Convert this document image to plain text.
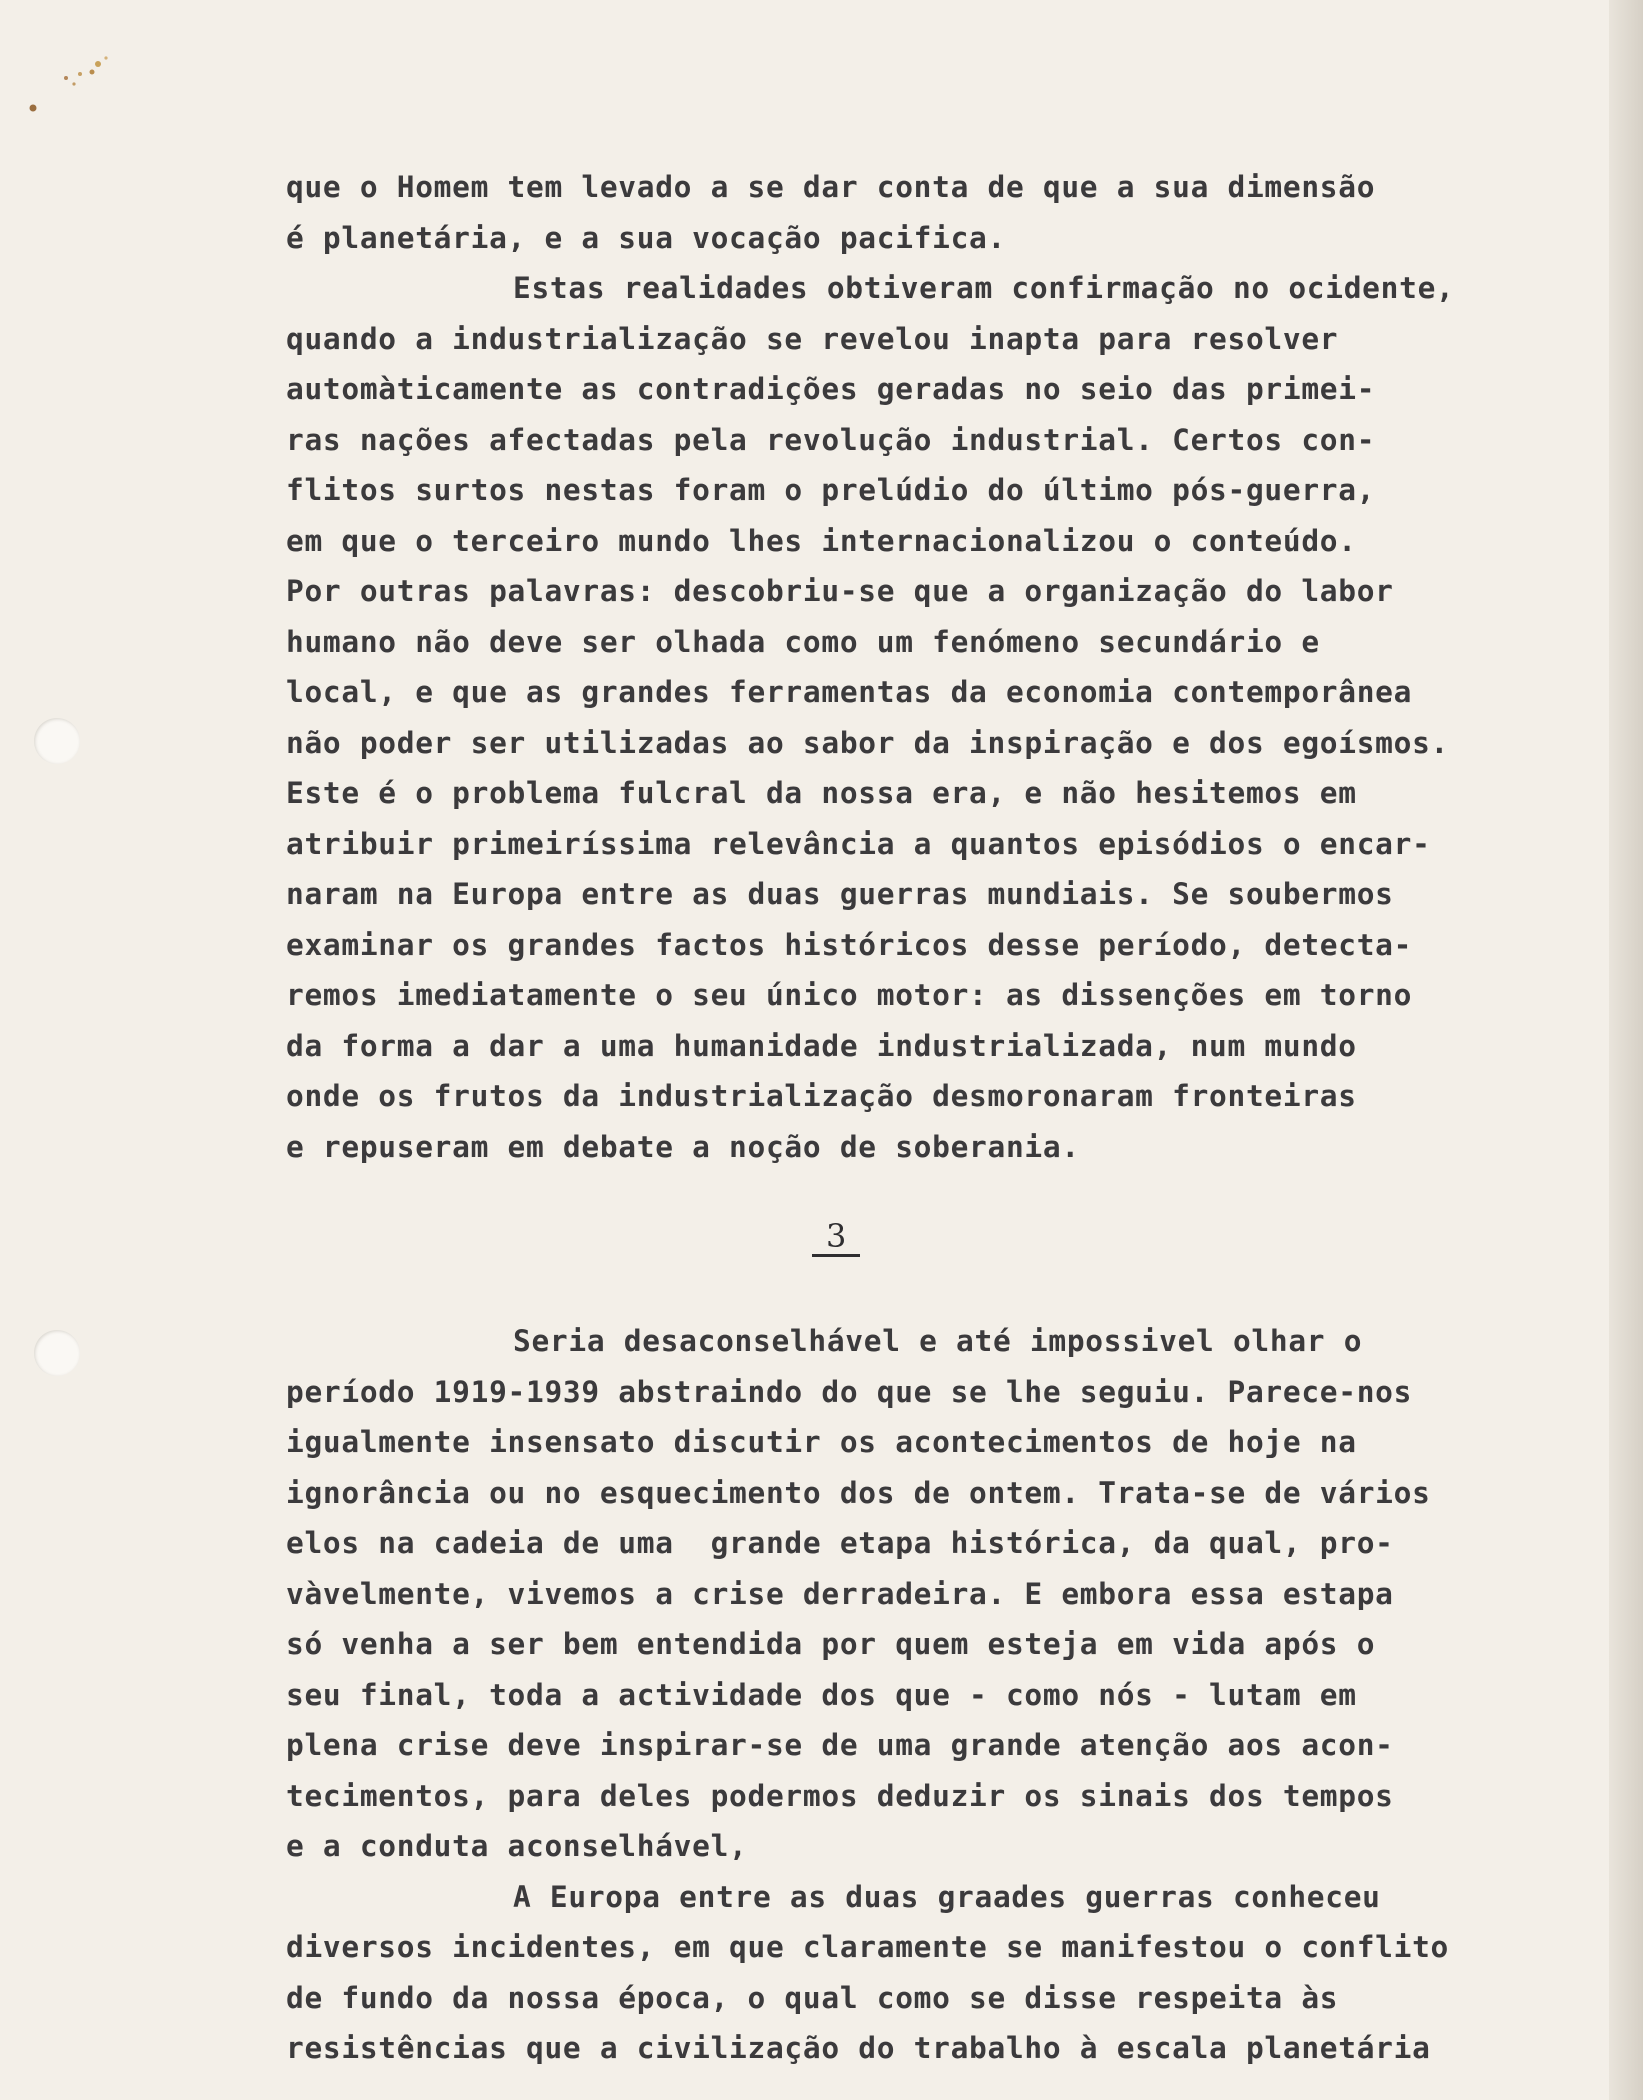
que o Homem tem levado a se dar conta de que a sua dimensão
é planetária, e a sua vocação pacifica.
Estas realidades obtiveram confirmação no ocidente,
quando a industrialização se revelou inapta para resolver
automàticamente as contradições geradas no seio das primei-
ras nações afectadas pela revolução industrial. Certos con-
flitos surtos nestas foram o prelúdio do último pós-guerra,
em que o terceiro mundo lhes internacionalizou o conteúdo.
Por outras palavras: descobriu-se que a organização do labor
humano não deve ser olhada como um fenómeno secundário e
local, e que as grandes ferramentas da economia contemporânea
não poder ser utilizadas ao sabor da inspiração e dos egoísmos.
Este é o problema fulcral da nossa era, e não hesitemos em
atribuir primeiríssima relevância a quantos episódios o encar-
naram na Europa entre as duas guerras mundiais. Se soubermos
examinar os grandes factos históricos desse período, detecta-
remos imediatamente o seu único motor: as dissenções em torno
da forma a dar a uma humanidade industrializada, num mundo
onde os frutos da industrialização desmoronaram fronteiras
e repuseram em debate a noção de soberania.
3
Seria desaconselhável e até impossivel olhar o
período 1919-1939 abstraindo do que se lhe seguiu. Parece-nos
igualmente insensato discutir os acontecimentos de hoje na
ignorância ou no esquecimento dos de ontem. Trata-se de vários
elos na cadeia de uma  grande etapa histórica, da qual, pro-
vàvelmente, vivemos a crise derradeira. E embora essa estapa
só venha a ser bem entendida por quem esteja em vida após o
seu final, toda a actividade dos que - como nós - lutam em
plena crise deve inspirar-se de uma grande atenção aos acon-
tecimentos, para deles podermos deduzir os sinais dos tempos
e a conduta aconselhável,
A Europa entre as duas graades guerras conheceu
diversos incidentes, em que claramente se manifestou o conflito
de fundo da nossa época, o qual como se disse respeita às
resistências que a civilização do trabalho à escala planetária
